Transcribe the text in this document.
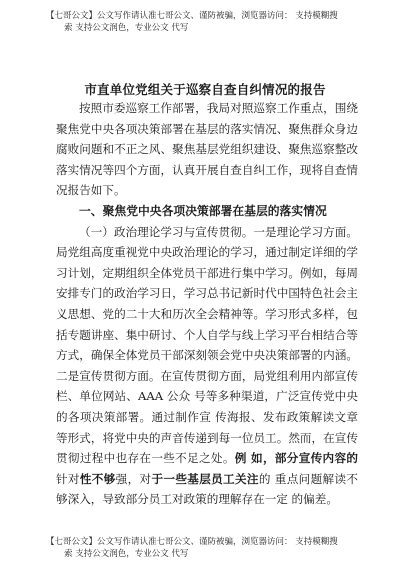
【七哥公文】公文写作请认准七哥公文、谨防被骗，浏览器访问： 支持模糊搜
索 支持公文润色，专业公文 代写
市直单位党组关于巡察自查自纠情况的报告

按照市委巡察工作部署，我局对照巡察工作重点，围绕聚焦党中央各项决策部署在基层的落实情况、聚焦群众身边腐败问题和不正之风、聚焦基层党组织建设、聚焦巡察整改落实情况等四个方面，认真开展自查自纠工作，现将自查情况报告如下。

一、聚焦党中央各项决策部署在基层的落实情况

（一）政治理论学习与宣传贯彻。一是理论学习方面。局党组高度重视党中央政治理论的学习，通过制定详细的学习计划，定期组织全体党员干部进行集中学习。例如，每周安排专门的政治学习日，学习总书记新时代中国特色社会主义思想、党的二十大和历次全会精神等。学习形式多样，包括专题讲座、集中研讨、个人自学与线上学习平台相结合等方式，确保全体党员干部深刻领会党中央决策部署的内涵。二是宣传贯彻方面。在宣传贯彻方面，局党组利用内部宣传栏、单位网站、AAA 公众 号等多种渠道，广泛宣传党中央的各项决策部署。通过制作宣 传海报、发布政策解读文章等形式，将党中央的声音传递到每一位员工。然而，在宣传贯彻过程中也存在一些不足之处。例 如，部分宣传内容的针对性不够强，对于一些基层员工关注的 重点问题解读不够深入，导致部分员工对政策的理解存在一定 的偏差。

【七哥公文】公文写作请认准七哥公文、谨防被骗，浏览器访问： 支持模糊搜
索 支持公文润色，专业公文 代写
